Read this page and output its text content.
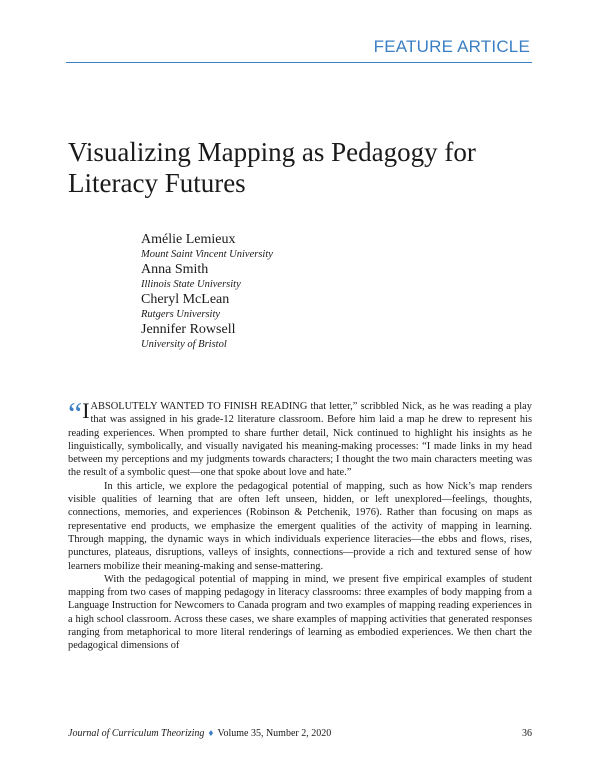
FEATURE ARTICLE
Visualizing Mapping as Pedagogy for
Literacy Futures
Amélie Lemieux
Mount Saint Vincent University
Anna Smith
Illinois State University
Cheryl McLean
Rutgers University
Jennifer Rowsell
University of Bristol

“ I ABSOLUTELY WANTED TO FINISH READING that letter,” scribbled Nick, as he was reading a play that was assigned in his grade-12 literature classroom. Before him laid a map he drew to represent his reading experiences. When prompted to share further detail, Nick continued to highlight his insights as he linguistically, symbolically, and visually navigated his meaning-making processes: “I made links in my head between my perceptions and my judgments towards characters; I thought the two main characters meeting was the result of a symbolic quest—one that spoke about love and hate.”

In this article, we explore the pedagogical potential of mapping, such as how Nick’s map renders visible qualities of learning that are often left unseen, hidden, or left unexplored—feelings, thoughts, connections, memories, and experiences (Robinson & Petchenik, 1976). Rather than focusing on maps as representative end products, we emphasize the emergent qualities of the activity of mapping in learning. Through mapping, the dynamic ways in which individuals experience literacies—the ebbs and flows, rises, punctures, plateaus, disruptions, valleys of insights, connections—provide a rich and textured sense of how learners mobilize their meaning-making and sense-mattering.

With the pedagogical potential of mapping in mind, we present five empirical examples of student mapping from two cases of mapping pedagogy in literacy classrooms: three examples of body mapping from a Language Instruction for Newcomers to Canada program and two examples of mapping reading experiences in a high school classroom. Across these cases, we share examples of mapping activities that generated responses ranging from metaphorical to more literal renderings of learning as embodied experiences. We then chart the pedagogical dimensions of

Journal of Curriculum Theorizing ♦ Volume 35, Number 2, 2020	36
